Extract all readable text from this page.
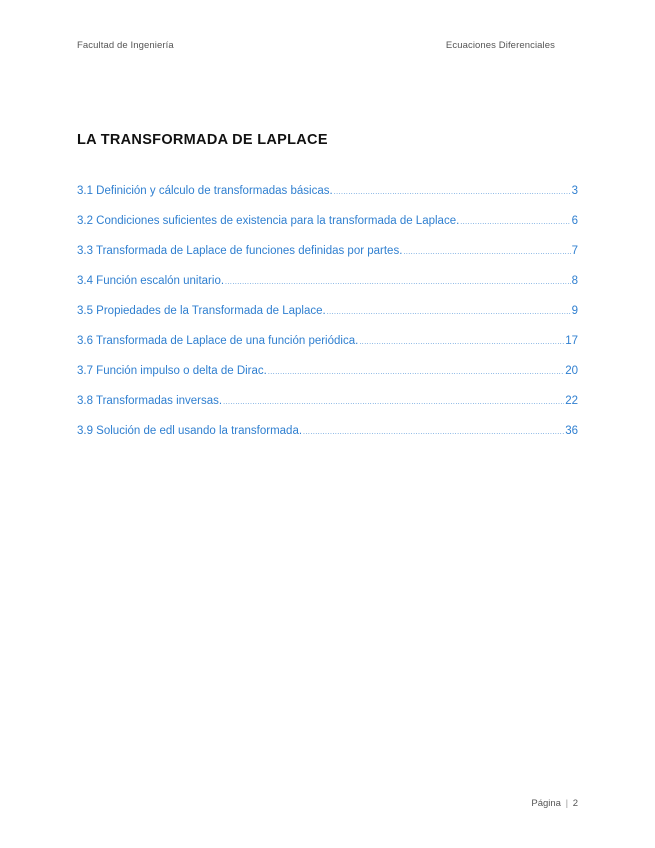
Facultad de Ingeniería	Ecuaciones Diferenciales
LA TRANSFORMADA DE LAPLACE
3.1 Definición y cálculo de transformadas básicas. .....	3
3.2 Condiciones suficientes de existencia para la transformada de Laplace. .....	6
3.3 Transformada de Laplace de funciones definidas por partes. .....	7
3.4 Función escalón unitario. .....	8
3.5 Propiedades de la Transformada de Laplace. .....	9
3.6 Transformada de Laplace de una función periódica. .....	17
3.7 Función impulso o delta de Dirac. .....	20
3.8 Transformadas inversas. .....	22
3.9 Solución de edl usando la transformada. .....	36
Página | 2
